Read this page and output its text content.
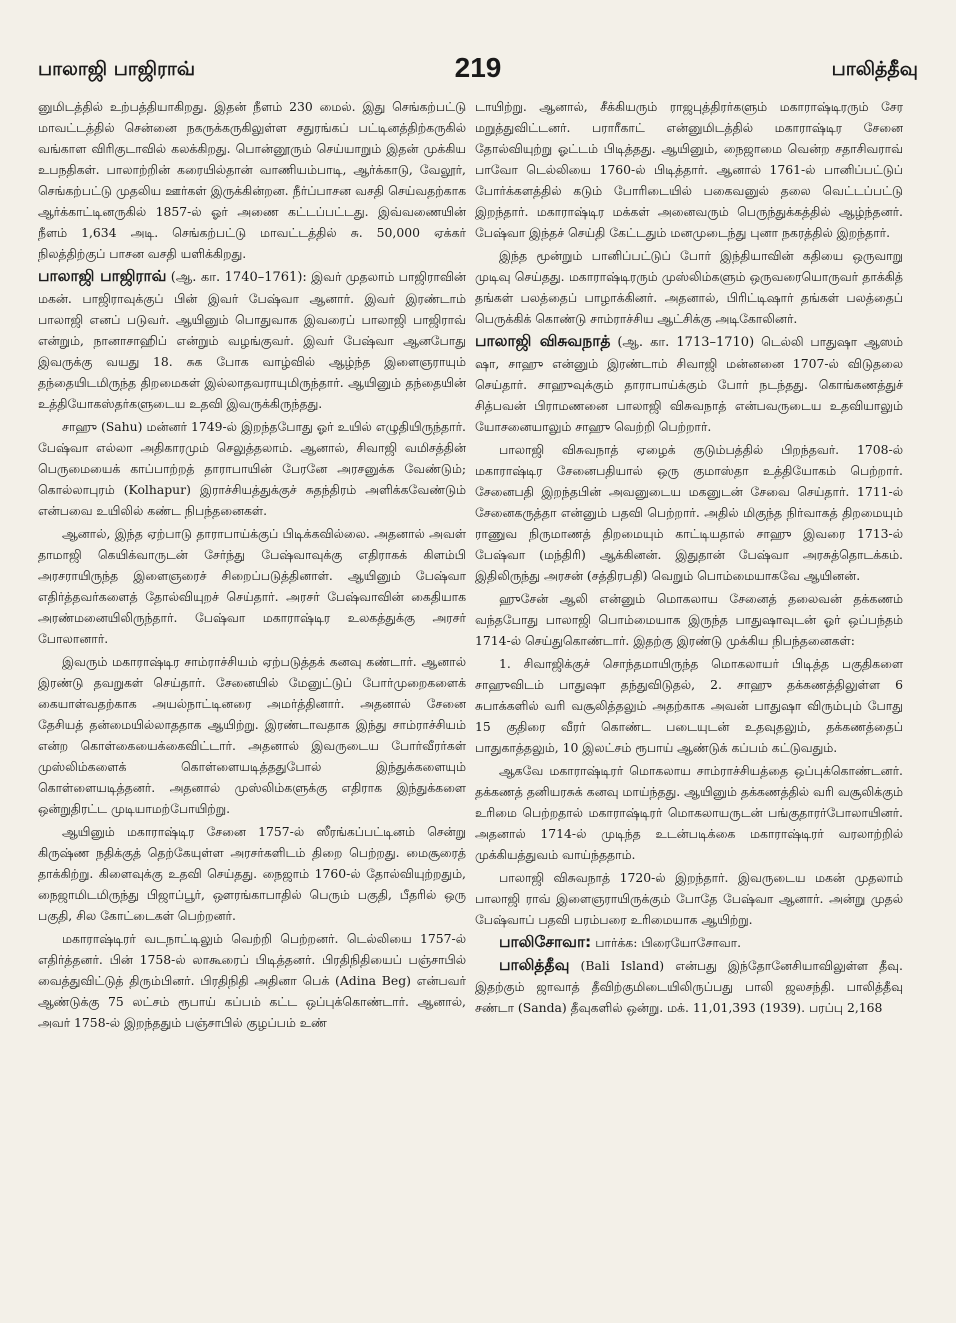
பாலாஜி பாஜிராவ்	219	பாலித்தீவு

னுமிடத்தில் உற்பத்தியாகிறது. இதன் நீளம் 230 மைல். இது செங்கற்பட்டு மாவட்டத்தில் சென்னை நகருக்கருகிலுள்ள சதுரங்கப் பட்டினத்திற்கருகில் வங்காள விரிகுடாவில் கலக்கிறது. பொன்னூரும் செய்யாறும் இதன் முக்கிய உபநதிகள். பாலாற்றின் கரையில்தான் வாணியம்பாடி, ஆர்க்காடு, வேலூர், செங்கற்பட்டு முதலிய ஊர்கள் இருக்கின்றன. நீர்ப்பாசன வசதி செய்வதற்காக ஆர்க்காட்டினருகில் 1857-ல் ஓர் அணை கட்டப்பட்டது. இவ்வணையின் நீளம் 1,634 அடி. செங்கற்பட்டு மாவட்டத்தில் சு. 50,000 ஏக்கர் நிலத்திற்குப் பாசன வசதி யளிக்கிறது.

பாலாஜி பாஜிராவ் (ஆ. கா. 1740–1761): இவர் முதலாம் பாஜிராவின் மகன். பாஜிராவுக்குப் பின் இவர் பேஷ்வா ஆனார். இவர் இரண்டாம் பாலாஜி எனப் படுவர். ஆயினும் பொதுவாக இவரைப் பாலாஜி பாஜிராவ் என்றும், நானாசாஹிப் என்றும் வழங்குவர். இவர் பேஷ்வா ஆனபோது இவருக்கு வயது 18. சுக போக வாழ்வில் ஆழ்ந்த இளைஞராயும் தந்தையிடமிருந்த திறமைகள் இல்லாதவராயுமிருந்தார். ஆயினும் தந்தையின் உத்தியோகஸ்தர்களுடைய உதவி இவருக்கிருந்தது.

சாஹு (Sahu) மன்னர் 1749-ல் இறந்தபோது ஓர் உயில் எழுதியிருந்தார். பேஷ்வா எல்லா அதிகாரமும் செலுத்தலாம். ஆனால், சிவாஜி வமிசத்தின் பெருமையைக் காப்பாற்றத் தாராபாயின் பேரனே அரசனுக்க வேண்டும்; கொல்லாபுரம் (Kolhapur) இராச்சியத்துக்குச் சுதந்திரம் அளிக்கவேண்டும் என்பவை உயிலில் கண்ட நிபந்தனைகள்.

ஆனால், இந்த ஏற்பாடு தாராபாய்க்குப் பிடிக்கவில்லை. அதனால் அவள் தாமாஜி கெயிக்வாருடன் சேர்ந்து பேஷ்வாவுக்கு எதிராகக் கிளம்பி அரசராயிருந்த இளைஞரைச் சிறைப்படுத்தினாள். ஆயினும் பேஷ்வா எதிர்த்தவர்களைத் தோல்வியுறச் செய்தார். அரசர் பேஷ்வாவின் கைதியாக அரண்மனையிலிருந்தார். பேஷ்வா மகாராஷ்டிர உலகத்துக்கு அரசர் போலானார்.

இவரும் மகாராஷ்டிர சாம்ராச்சியம் ஏற்படுத்தக் கனவு கண்டார். ஆனால் இரண்டு தவறுகள் செய்தார். சேனையில் மேனுட்டுப் போர்முறைகளைக் கையாள்வதற்காக அயல்நாட்டினரை அமர்த்தினார். அதனால் சேனை தேசியத் தன்மையில்லாததாக ஆயிற்று. இரண்டாவதாக இந்து சாம்ராச்சியம் என்ற கொள்கையைக்கைவிட்டார். அதனால் இவருடைய போர்வீரர்கள் முஸ்லிம்களைக் கொள்ளையடித்ததுபோல் இந்துக்களையும் கொள்ளையடித்தனர். அதனால் முஸ்லிம்களுக்கு எதிராக இந்துக்களை ஒன்றுதிரட்ட முடியாமற்போயிற்று.

ஆயினும் மகாராஷ்டிர சேனை 1757-ல் ஸீரங்கப்பட்டினம் சென்று கிருஷ்ண நதிக்குத் தெற்கேயுள்ள அரசர்களிடம் திறை பெற்றது. மைசூரைத் தாக்கிற்று. கிளைவுக்கு உதவி செய்தது. நைஜாம் 1760-ல் தோல்வியுற்றதும், நைஜாமிடமிருந்து பிஜாப்பூர், ஔரங்காபாதில் பெரும் பகுதி, பீதரில் ஒரு பகுதி, சில கோட்டைகள் பெற்றனர்.

மகாராஷ்டிரர் வடநாட்டிலும் வெற்றி பெற்றனர். டெல்லியை 1757-ல் எதிர்த்தனர். பின் 1758-ல் லாகூரைப் பிடித்தனர். பிரதிநிதியைப் பஞ்சாபில் வைத்துவிட்டுத் திரும்பினர். பிரதிநிதி அதினா பெக் (Adina Beg) என்பவர் ஆண்டுக்கு 75 லட்சம் ரூபாய் கப்பம் கட்ட ஒப்புக்கொண்டார். ஆனால், அவர் 1758-ல் இறந்ததும் பஞ்சாபில் குழப்பம் உண்

டாயிற்று. ஆனால், சீக்கியரும் ராஜபுத்திரர்களும் மகாராஷ்டிரரும் சேர மறுத்துவிட்டனர். பராரீகாட் என்னுமிடத்தில் மகாராஷ்டிர சேனை தோல்வியுற்று ஓட்டம் பிடித்தது. ஆயினும், நைஜாமை வென்ற சதாசிவராவ் பாவோ டெல்லியை 1760-ல் பிடித்தார். ஆனால் 1761-ல் பானிப்பட்டுப் போர்க்களத்தில் கடும் போரிடையில் பகைவனுல் தலை வெட்டப்பட்டு இறந்தார். மகாராஷ்டிர மக்கள் அனைவரும் பெருந்துக்கத்தில் ஆழ்ந்தனர். பேஷ்வா இந்தச் செய்தி கேட்டதும் மனமுடைந்து புனா நகரத்தில் இறந்தார்.

இந்த மூன்றும் பானிப்பட்டுப் போர் இந்தியாவின் கதியை ஒருவாறு முடிவு செய்தது. மகாராஷ்டிரரும் முஸ்லிம்களும் ஒருவரையொருவர் தாக்கித் தங்கள் பலத்தைப் பாழாக்கினர். அதனால், பிரிட்டிஷார் தங்கள் பலத்தைப் பெருக்கிக் கொண்டு சாம்ராச்சிய ஆட்சிக்கு அடிகோலினர்.

பாலாஜி விசுவநாத் (ஆ. கா. 1713–1710) டெல்லி பாதுஷா ஆஸம் ஷா, சாஹு என்னும் இரண்டாம் சிவாஜி மன்னனை 1707-ல் விடுதலை செய்தார். சாஹுவுக்கும் தாராபாய்க்கும் போர் நடந்தது. கொங்கணத்துச் சித்பவன் பிராமணனை பாலாஜி விசுவநாத் என்பவருடைய உதவியாலும் யோசனையாலும் சாஹு வெற்றி பெற்றார்.

பாலாஜி விசுவநாத் ஏழைக் குடும்பத்தில் பிறந்தவர். 1708-ல் மகாராஷ்டிர சேனைபதியால் ஒரு குமாஸ்தா உத்தியோகம் பெற்றார். சேனைபதி இறந்தபின் அவனுடைய மகனுடன் சேவை செய்தார். 1711-ல் சேனைகருத்தா என்னும் பதவி பெற்றார். அதில் மிகுந்த நிர்வாகத் திறமையும் ராணுவ நிருமாணத் திறமையும் காட்டியதால் சாஹு இவரை 1713-ல் பேஷ்வா (மந்திரி) ஆக்கினன். இதுதான் பேஷ்வா அரசுத்தொடக்கம். இதிலிருந்து அரசன் (சத்திரபதி) வெறும் பொம்மையாகவே ஆயினன்.

ஹுசேன் ஆலி என்னும் மொகலாய சேனைத் தலைவன் தக்கணம் வந்தபோது பாலாஜி பொம்மையாக இருந்த பாதுஷாவுடன் ஓர் ஒப்பந்தம் 1714-ல் செய்துகொண்டார். இதற்கு இரண்டு முக்கிய நிபந்தனைகள்:

1. சிவாஜிக்குச் சொந்தமாயிருந்த மொகலாயர் பிடித்த பகுதிகளை சாஹுவிடம் பாதுஷா தந்துவிடுதல், 2. சாஹு தக்கணத்திலுள்ள 6 சுபாக்களில் வரி வசூலித்தலும் அதற்காக அவன் பாதுஷா விரும்பும் போது 15 குதிரை வீரர் கொண்ட படையுடன் உதவுதலும், தக்கணத்தைப் பாதுகாத்தலும், 10 இலட்சம் ரூபாய் ஆண்டுக் கப்பம் கட்டுவதும்.

ஆகவே மகாராஷ்டிரர் மொகலாய சாம்ராச்சியத்தை ஒப்புக்கொண்டனர். தக்கணத் தனியரசுக் கனவு மாய்ந்தது. ஆயினும் தக்கணத்தில் வரி வசூலிக்கும் உரிமை பெற்றதால் மகாராஷ்டிரர் மொகலாயருடன் பங்குதாரர்போலாயினர். அதனால் 1714-ல் முடிந்த உடன்படிக்கை மகாராஷ்டிரர் வரலாற்றில் முக்கியத்துவம் வாய்ந்ததாம்.

பாலாஜி விசுவநாத் 1720-ல் இறந்தார். இவருடைய மகன் முதலாம் பாலாஜி ராவ் இளைஞராயிருக்கும் போதே பேஷ்வா ஆனார். அன்று முதல் பேஷ்வாப் பதவி பரம்பரை உரிமையாக ஆயிற்று.

பாலிசோவா: பார்க்க: பிரையோசோவா.

பாலித்தீவு (Bali Island) என்பது இந்தோனேசியாவிலுள்ள தீவு. இதற்கும் ஜாவாத் தீவிற்குமிடையிலிருப்பது பாலி ஜலசந்தி. பாலித்தீவு சண்டா (Sanda) தீவுகளில் ஒன்று. மக். 11,01,393 (1939). பரப்பு 2,168
